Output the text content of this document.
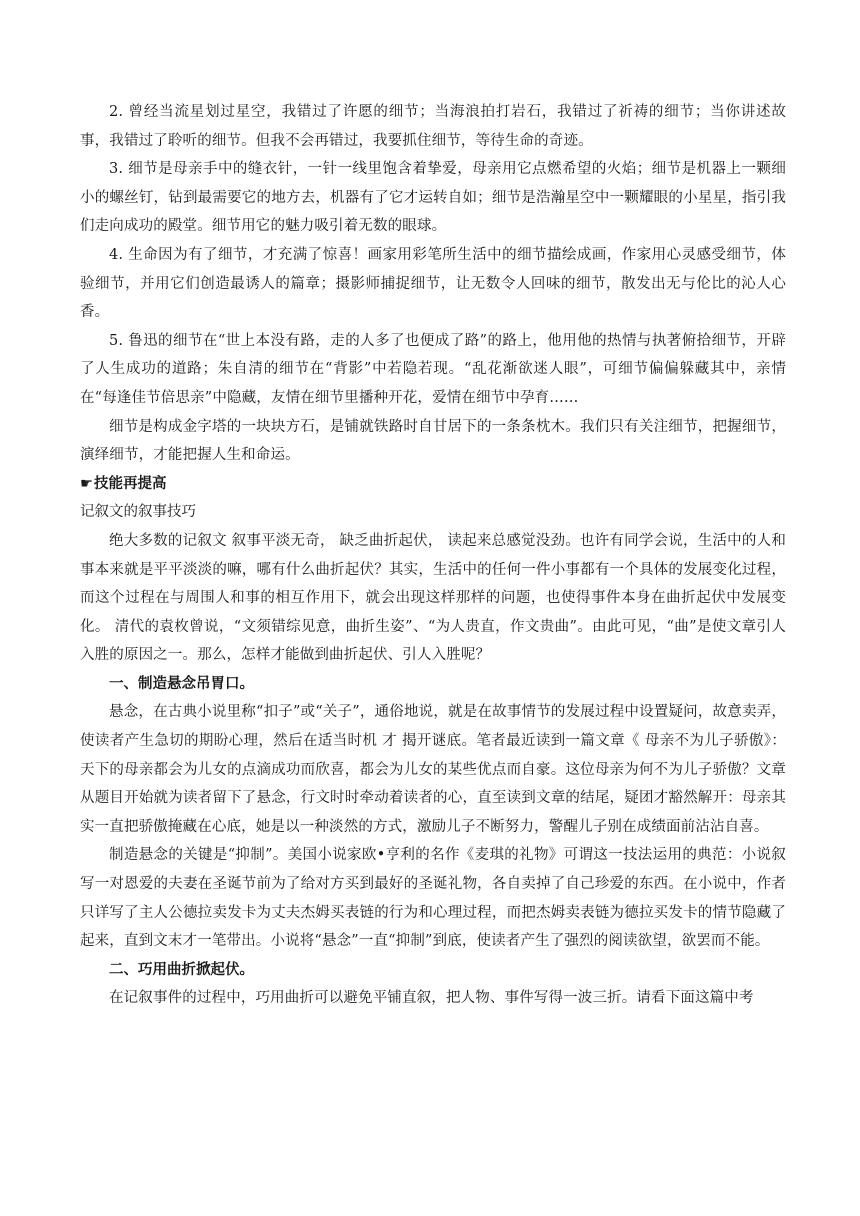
2. 曾经当流星划过星空，我错过了许愿的细节；当海浪拍打岩石，我错过了祈祷的细节；当你讲述故事，我错过了聆听的细节。但我不会再错过，我要抓住细节，等待生命的奇迹。

3. 细节是母亲手中的缝衣针，一针一线里饱含着挚爱，母亲用它点燃希望的火焰；细节是机器上一颗细小的螺丝钉，钻到最需要它的地方去，机器有了它才运转自如；细节是浩瀚星空中一颗耀眼的小星星，指引我们走向成功的殿堂。细节用它的魅力吸引着无数的眼球。

4. 生命因为有了细节，才充满了惊喜！画家用彩笔所生活中的细节描绘成画，作家用心灵感受细节，体验细节，并用它们创造最诱人的篇章；摄影师捕捉细节，让无数令人回味的细节，散发出无与伦比的沁人心香。

5. 鲁迅的细节在“世上本没有路，走的人多了也便成了路”的路上，他用他的热情与执著俯拾细节，开辟了人生成功的道路；朱自清的细节在“背影”中若隐若现。“乱花渐欲迷人眼”，可细节偏偏躲藏其中，亲情在“每逢佳节倍思亲”中隐藏，友情在细节里播种开花，爱情在细节中孕育……

细节是构成金字塔的一块块方石，是铺就铁路时自甘居下的一条条枕木。我们只有关注细节，把握细节，演绎细节，才能把握人生和命运。

☛技能再提高

记叙文的叙事技巧

绝大多数的记叙文 叙事平淡无奇， 缺乏曲折起伏， 读起来总感觉没劲。也许有同学会说，生活中的人和事本来就是平平淡淡的嘛，哪有什么曲折起伏？其实，生活中的任何一件小事都有一个具体的发展变化过程，而这个过程在与周围人和事的相互作用下，就会出现这样那样的问题，也使得事件本身在曲折起伏中发展变化。 清代的袁枚曾说，“文须错综见意，曲折生姿”、“为人贵直，作文贵曲”。由此可见，“曲”是使文章引人入胜的原因之一。那么，怎样才能做到曲折起伏、引人入胜呢？

一、制造悬念吊胃口。

悬念，在古典小说里称“扣子”或“关子”，通俗地说，就是在故事情节的发展过程中设置疑问，故意卖弄，使读者产生急切的期盼心理，然后在适当时机 才 揭开谜底。笔者最近读到一篇文章《 母亲不为儿子骄傲》：天下的母亲都会为儿女的点滴成功而欣喜，都会为儿女的某些优点而自豪。这位母亲为何不为儿子骄傲？文章从题目开始就为读者留下了悬念，行文时时牵动着读者的心，直至读到文章的结尾，疑团才豁然解开：母亲其实一直把骄傲掩藏在心底，她是以一种淡然的方式，激励儿子不断努力，警醒儿子别在成绩面前沾沾自喜。

制造悬念的关键是“抑制”。美国小说家欧•亨利的名作《麦琪的礼物》可谓这一技法运用的典范：小说叙写一对恩爱的夫妻在圣诞节前为了给对方买到最好的圣诞礼物，各自卖掉了自己珍爱的东西。在小说中，作者只详写了主人公德拉卖发卡为丈夫杰姆买表链的行为和心理过程，而把杰姆卖表链为德拉买发卡的情节隐藏了起来，直到文末才一笔带出。小说将“悬念”一直“抑制”到底，使读者产生了强烈的阅读欲望，欲罢而不能。

二、巧用曲折掀起伏。

在记叙事件的过程中，巧用曲折可以避免平铺直叙，把人物、事件写得一波三折。请看下面这篇中考
